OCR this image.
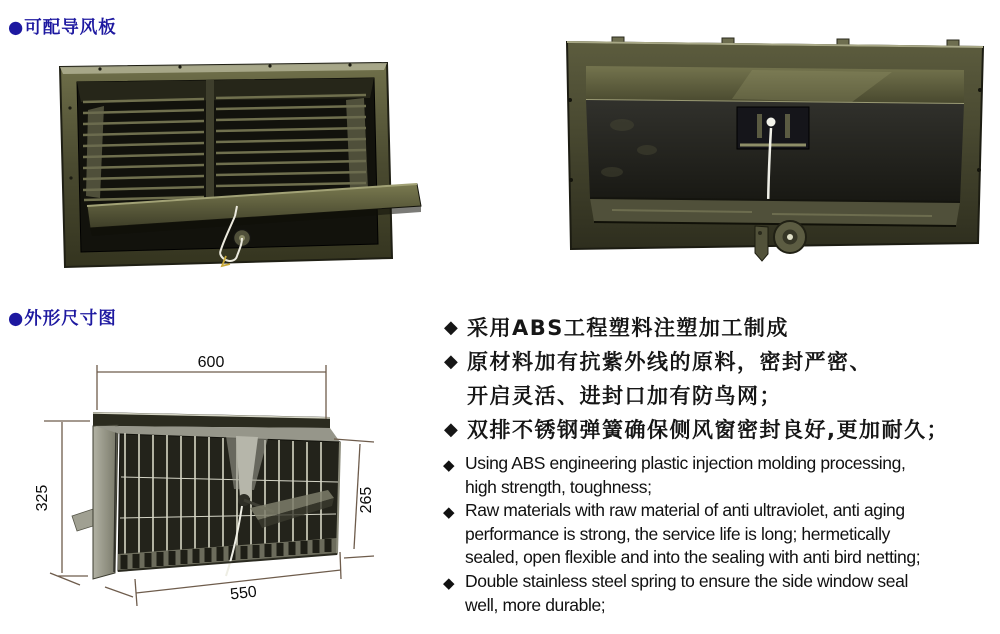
●可配导风板
●外形尺寸图
600
325	265
550
◆ 采用ABS工程塑料注塑加工制成
◆ 原材料加有抗紫外线的原料，密封严密、
开启灵活、进封口加有防鸟网；
◆ 双排不锈钢弹簧确保侧风窗密封良好,更加耐久；
◆ Using ABS engineering plastic injection molding processing,
high strength, toughness;
◆ Raw materials with raw material of anti ultraviolet, anti aging
performance is strong, the service life is long; hermetically
sealed, open flexible and into the sealing with anti bird netting;
◆ Double stainless steel spring to ensure the side window seal
well, more durable;
